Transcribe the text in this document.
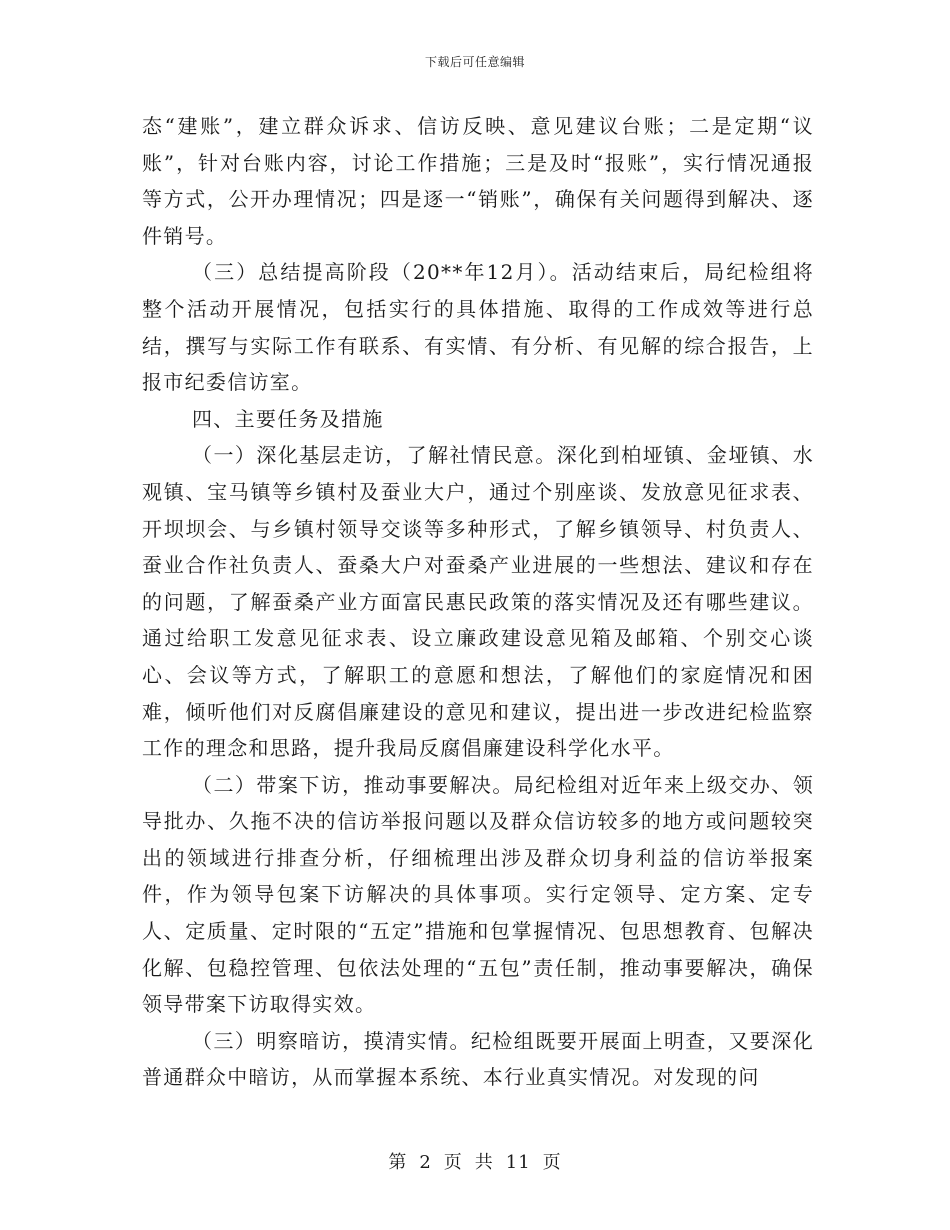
下载后可任意编辑

态“建账”，建立群众诉求、信访反映、意见建议台账；二是定期“议账”，针对台账内容，讨论工作措施；三是及时“报账”，实行情况通报等方式，公开办理情况；四是逐一“销账”，确保有关问题得到解决、逐件销号。

（三）总结提高阶段（20**年12月）。活动结束后，局纪检组将整个活动开展情况，包括实行的具体措施、取得的工作成效等进行总结，撰写与实际工作有联系、有实情、有分析、有见解的综合报告，上报市纪委信访室。

四、主要任务及措施

（一）深化基层走访，了解社情民意。深化到柏垭镇、金垭镇、水观镇、宝马镇等乡镇村及蚕业大户，通过个别座谈、发放意见征求表、开坝坝会、与乡镇村领导交谈等多种形式，了解乡镇领导、村负责人、蚕业合作社负责人、蚕桑大户对蚕桑产业进展的一些想法、建议和存在的问题，了解蚕桑产业方面富民惠民政策的落实情况及还有哪些建议。通过给职工发意见征求表、设立廉政建设意见箱及邮箱、个别交心谈心、会议等方式，了解职工的意愿和想法，了解他们的家庭情况和困难，倾听他们对反腐倡廉建设的意见和建议，提出进一步改进纪检监察工作的理念和思路，提升我局反腐倡廉建设科学化水平。

（二）带案下访，推动事要解决。局纪检组对近年来上级交办、领导批办、久拖不决的信访举报问题以及群众信访较多的地方或问题较突出的领域进行排查分析，仔细梳理出涉及群众切身利益的信访举报案件，作为领导包案下访解决的具体事项。实行定领导、定方案、定专人、定质量、定时限的“五定”措施和包掌握情况、包思想教育、包解决化解、包稳控管理、包依法处理的“五包”责任制，推动事要解决，确保领导带案下访取得实效。

（三）明察暗访，摸清实情。纪检组既要开展面上明查，又要深化普通群众中暗访，从而掌握本系统、本行业真实情况。对发现的问

第 2 页 共 11 页
